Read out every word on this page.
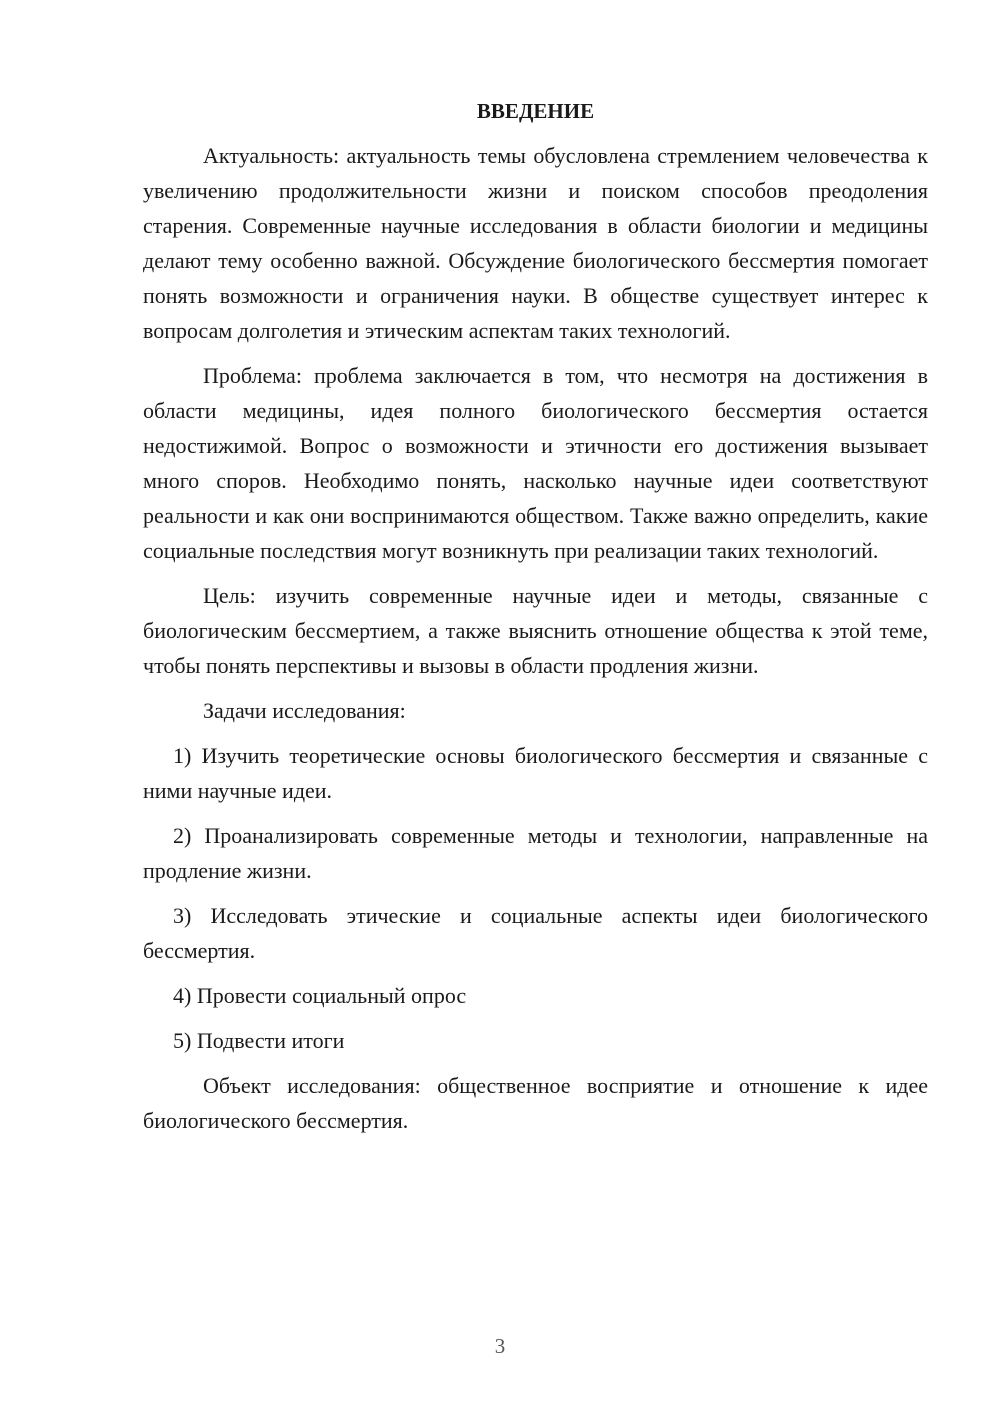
ВВЕДЕНИЕ

Актуальность: актуальность темы обусловлена стремлением человечества к увеличению продолжительности жизни и поиском способов преодоления старения. Современные научные исследования в области биологии и медицины делают тему особенно важной. Обсуждение биологического бессмертия помогает понять возможности и ограничения науки. В обществе существует интерес к вопросам долголетия и этическим аспектам таких технологий.

Проблема: проблема заключается в том, что несмотря на достижения в области медицины, идея полного биологического бессмертия остается недостижимой. Вопрос о возможности и этичности его достижения вызывает много споров. Необходимо понять, насколько научные идеи соответствуют реальности и как они воспринимаются обществом. Также важно определить, какие социальные последствия могут возникнуть при реализации таких технологий.

Цель: изучить современные научные идеи и методы, связанные с биологическим бессмертием, а также выяснить отношение общества к этой теме, чтобы понять перспективы и вызовы в области продления жизни.

Задачи исследования:

1) Изучить теоретические основы биологического бессмертия и связанные с ними научные идеи.

2) Проанализировать современные методы и технологии, направленные на продление жизни.

3) Исследовать этические и социальные аспекты идеи биологического бессмертия.

4) Провести социальный опрос

5) Подвести итоги

Объект исследования: общественное восприятие и отношение к идее биологического бессмертия.

3
